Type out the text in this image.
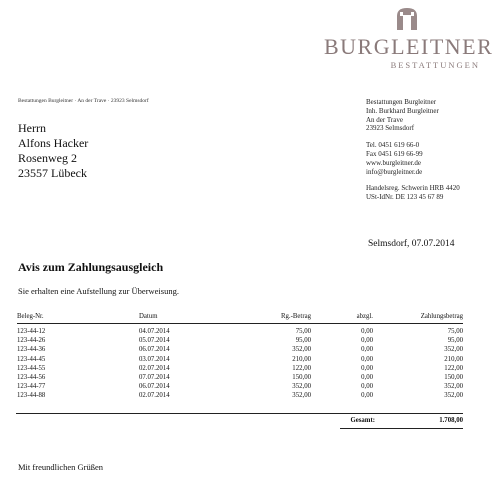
BURGLEITNER
BESTATTUNGEN
Bestattungen Burgleitner · An der Trave · 23923 Selmsdorf
Herrn
Alfons Hacker
Rosenweg 2
23557 Lübeck
Bestattungen Burgleitner
Inh. Burkhard Burgleitner
An der Trave
23923 Selmsdorf
Tel. 0451 619 66-0
Fax 0451 619 66-99
www.burgleitner.de
info@burgleitner.de
Handelsreg. Schwerin HRB 4420
USt-IdNr. DE 123 45 67 89
Selmsdorf, 07.07.2014
Avis zum Zahlungsausgleich
Sie erhalten eine Aufstellung zur Überweisung.
Beleg-Nr.	Datum	Rg.-Betrag	abzgl.	Zahlungsbetrag
123-44-12	04.07.2014	75,00	0,00	75,00
123-44-26	05.07.2014	95,00	0,00	95,00
123-44-36	06.07.2014	352,00	0,00	352,00
123-44-45	03.07.2014	210,00	0,00	210,00
123-44-55	02.07.2014	122,00	0,00	122,00
123-44-56	07.07.2014	150,00	0,00	150,00
123-44-77	06.07.2014	352,00	0,00	352,00
123-44-88	02.07.2014	352,00	0,00	352,00
Gesamt:	1.708,00
Mit freundlichen Grüßen
